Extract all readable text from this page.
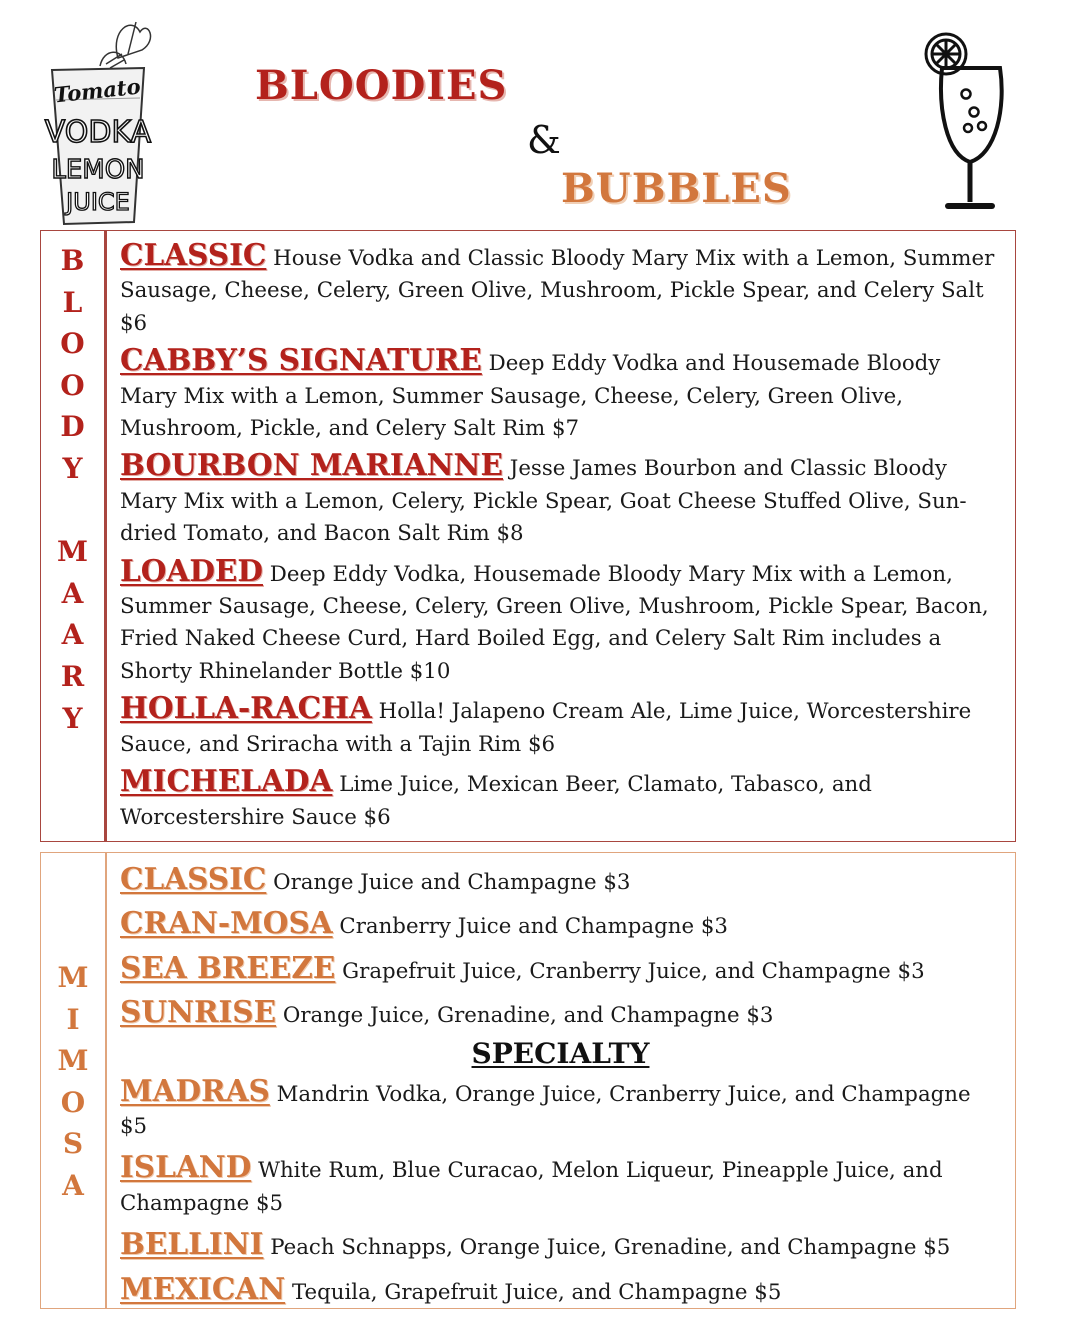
Tomato
VODKA
LEMON
JUICE
BLOODIES
&
BUBBLES
B
L
O
O
D
Y
M
A
A
R
Y

CLASSIC House Vodka and Classic Bloody Mary Mix with a Lemon, Summer Sausage, Cheese, Celery, Green Olive, Mushroom, Pickle Spear, and Celery Salt $6

CABBY’S SIGNATURE Deep Eddy Vodka and Housemade Bloody Mary Mix with a Lemon, Summer Sausage, Cheese, Celery, Green Olive, Mushroom, Pickle, and Celery Salt Rim $7

BOURBON MARIANNE Jesse James Bourbon and Classic Bloody Mary Mix with a Lemon, Celery, Pickle Spear, Goat Cheese Stuffed Olive, Sun-dried Tomato, and Bacon Salt Rim $8

LOADED Deep Eddy Vodka, Housemade Bloody Mary Mix with a Lemon, Summer Sausage, Cheese, Celery, Green Olive, Mushroom, Pickle Spear, Bacon, Fried Naked Cheese Curd, Hard Boiled Egg, and Celery Salt Rim includes a Shorty Rhinelander Bottle $10

HOLLA-RACHA Holla! Jalapeno Cream Ale, Lime Juice, Worcestershire Sauce, and Sriracha with a Tajin Rim $6

MICHELADA Lime Juice, Mexican Beer, Clamato, Tabasco, and Worcestershire Sauce $6

M
I
M
O
S
A

CLASSIC Orange Juice and Champagne $3

CRAN-MOSA Cranberry Juice and Champagne $3

SEA BREEZE Grapefruit Juice, Cranberry Juice, and Champagne $3

SUNRISE Orange Juice, Grenadine, and Champagne $3

SPECIALTY

MADRAS Mandrin Vodka, Orange Juice, Cranberry Juice, and Champagne $5

ISLAND White Rum, Blue Curacao, Melon Liqueur, Pineapple Juice, and Champagne $5

BELLINI Peach Schnapps, Orange Juice, Grenadine, and Champagne $5

MEXICAN Tequila, Grapefruit Juice, and Champagne $5
